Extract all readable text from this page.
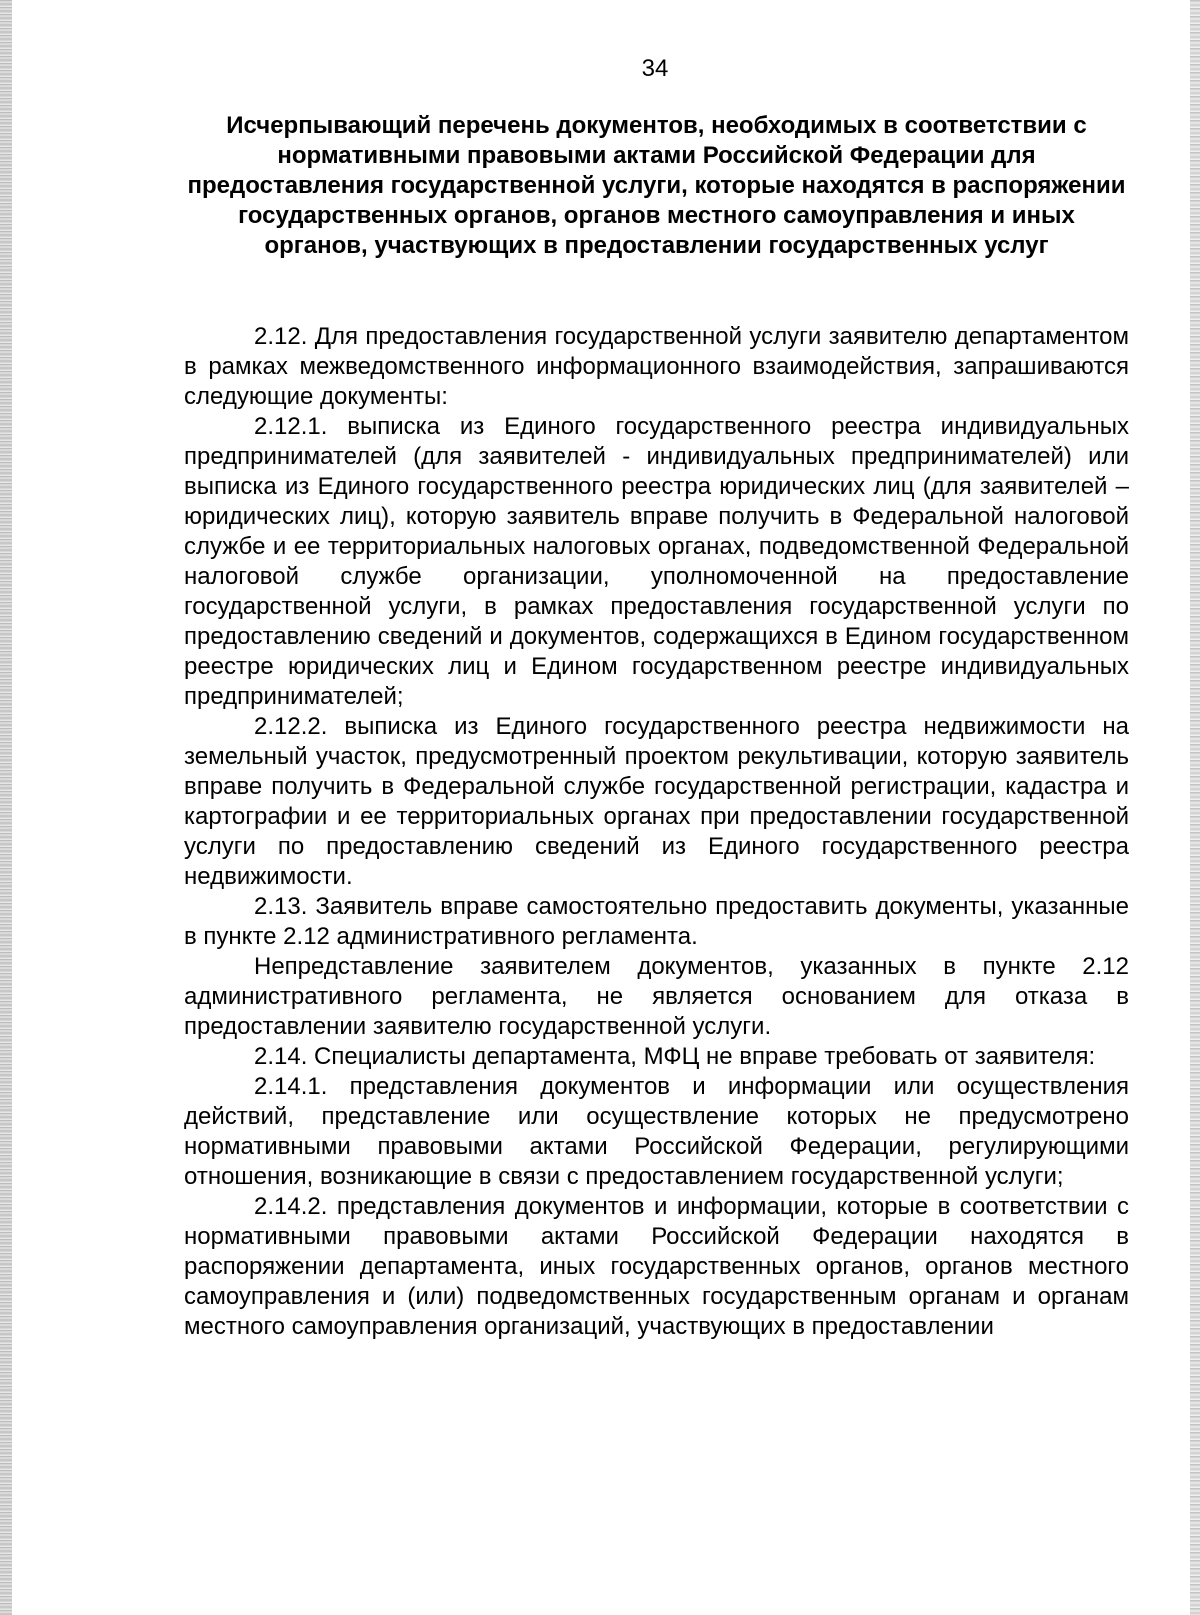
34

Исчерпывающий перечень документов, необходимых в соответствии с нормативными правовыми актами Российской Федерации для предоставления государственной услуги, которые находятся в распоряжении государственных органов, органов местного самоуправления и иных органов, участвующих в предоставлении государственных услуг

2.12. Для предоставления государственной услуги заявителю департаментом в рамках межведомственного информационного взаимодействия, запрашиваются следующие документы:

2.12.1. выписка из Единого государственного реестра индивидуальных предпринимателей (для заявителей - индивидуальных предпринимателей) или выписка из Единого государственного реестра юридических лиц (для заявителей – юридических лиц), которую заявитель вправе получить в Федеральной налоговой службе и ее территориальных налоговых органах, подведомственной Федеральной налоговой службе организации, уполномоченной на предоставление государственной услуги, в рамках предоставления государственной услуги по предоставлению сведений и документов, содержащихся в Едином государственном реестре юридических лиц и Едином государственном реестре индивидуальных предпринимателей;

2.12.2. выписка из Единого государственного реестра недвижимости на земельный участок, предусмотренный проектом рекультивации, которую заявитель вправе получить в Федеральной службе государственной регистрации, кадастра и картографии и ее территориальных органах при предоставлении государственной услуги по предоставлению сведений из Единого государственного реестра недвижимости.

2.13. Заявитель вправе самостоятельно предоставить документы, указанные в пункте 2.12 административного регламента.

Непредставление заявителем документов, указанных в пункте 2.12 административного регламента, не является основанием для отказа в предоставлении заявителю государственной услуги.

2.14. Специалисты департамента, МФЦ не вправе требовать от заявителя:

2.14.1. представления документов и информации или осуществления действий, представление или осуществление которых не предусмотрено нормативными правовыми актами Российской Федерации, регулирующими отношения, возникающие в связи с предоставлением государственной услуги;

2.14.2. представления документов и информации, которые в соответствии с нормативными правовыми актами Российской Федерации находятся в распоряжении департамента, иных государственных органов, органов местного самоуправления и (или) подведомственных государственным органам и органам местного самоуправления организаций, участвующих в предоставлении
